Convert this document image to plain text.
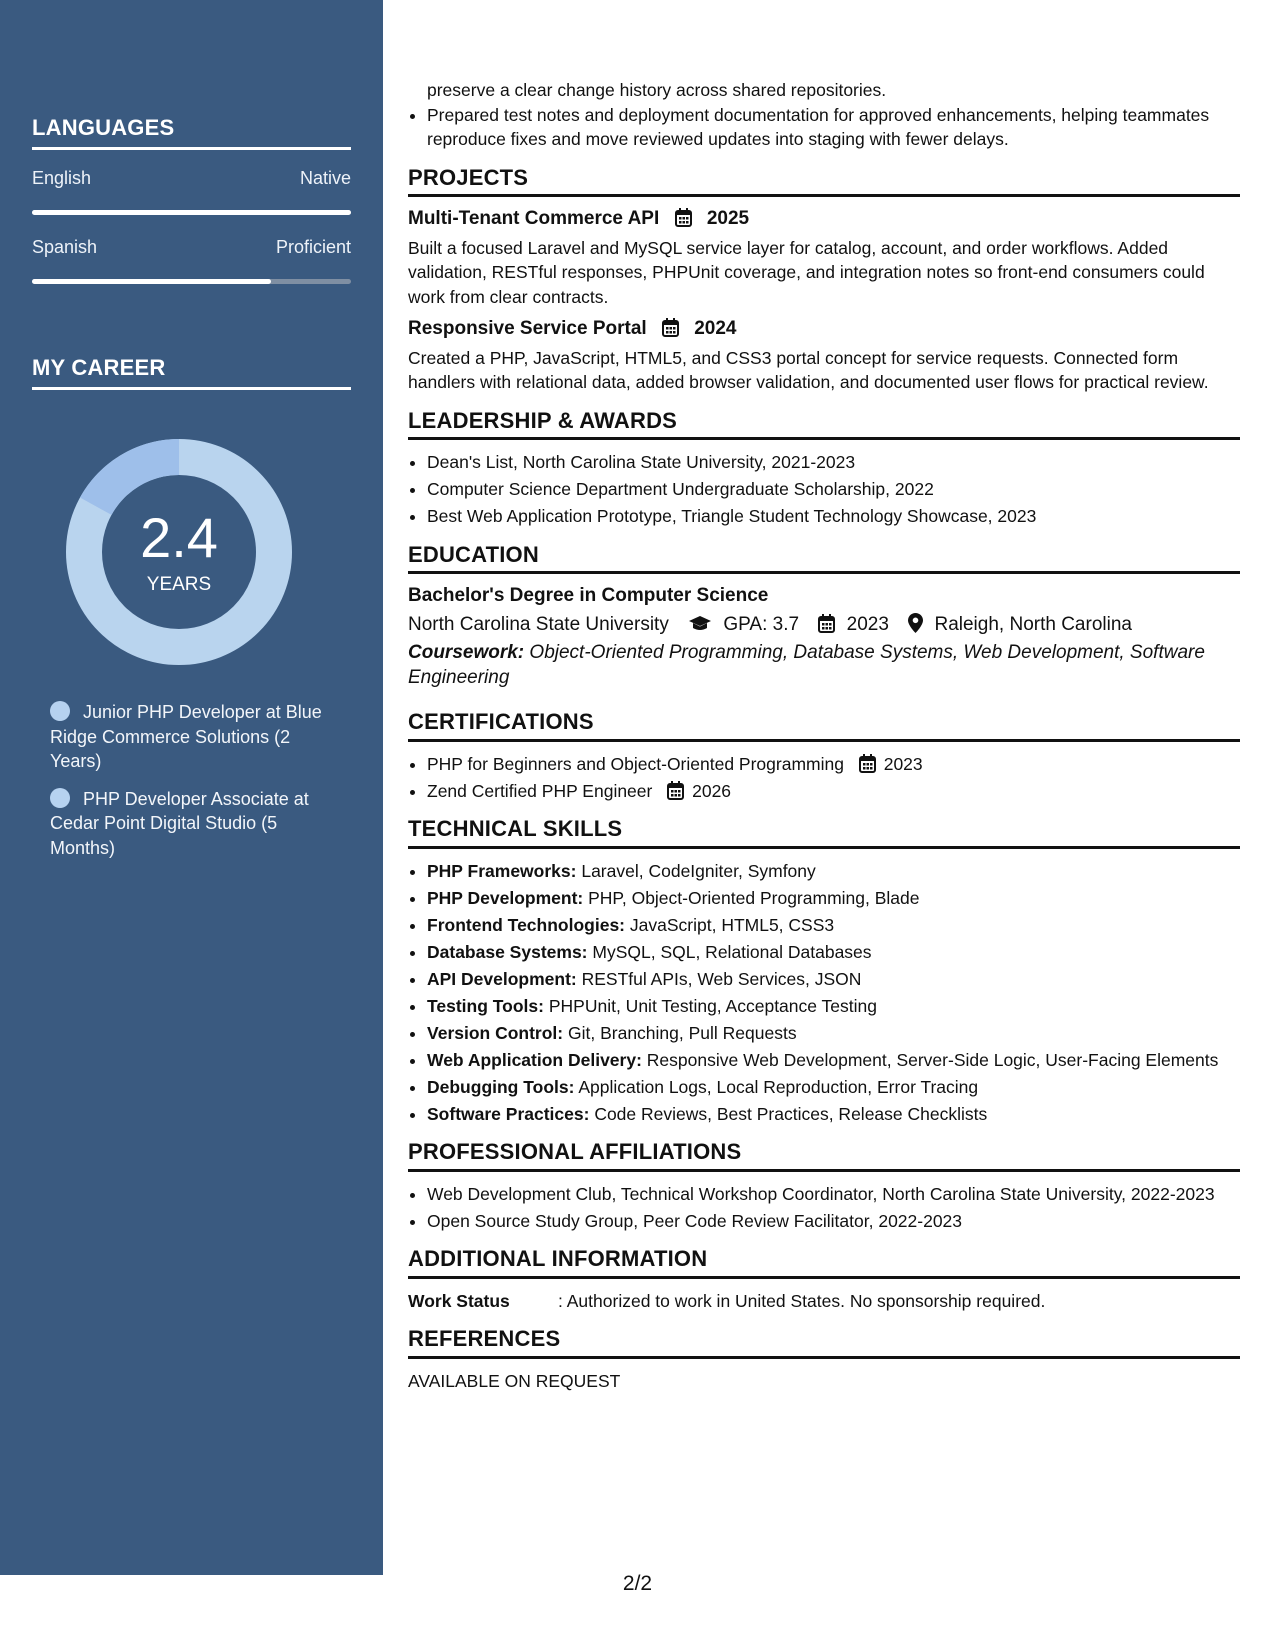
LANGUAGES
English	Native
Spanish	Proficient
MY CAREER
2.4
YEARS
Junior PHP Developer at Blue Ridge Commerce Solutions (2 Years)
PHP Developer Associate at Cedar Point Digital Studio (5 Months)
preserve a clear change history across shared repositories.
• Prepared test notes and deployment documentation for approved enhancements, helping teammates reproduce fixes and move reviewed updates into staging with fewer delays.
PROJECTS
Multi-Tenant Commerce API	2025
Built a focused Laravel and MySQL service layer for catalog, account, and order workflows. Added validation, RESTful responses, PHPUnit coverage, and integration notes so front-end consumers could work from clear contracts.
Responsive Service Portal	2024
Created a PHP, JavaScript, HTML5, and CSS3 portal concept for service requests. Connected form handlers with relational data, added browser validation, and documented user flows for practical review.
LEADERSHIP & AWARDS
• Dean's List, North Carolina State University, 2021-2023
• Computer Science Department Undergraduate Scholarship, 2022
• Best Web Application Prototype, Triangle Student Technology Showcase, 2023
EDUCATION
Bachelor's Degree in Computer Science
North Carolina State University	GPA: 3.7	2023 Raleigh, North Carolina
Coursework: Object-Oriented Programming, Database Systems, Web Development, Software Engineering
CERTIFICATIONS
• PHP for Beginners and Object-Oriented Programming 2023
• Zend Certified PHP Engineer 2026
TECHNICAL SKILLS
• PHP Frameworks: Laravel, CodeIgniter, Symfony
• PHP Development: PHP, Object-Oriented Programming, Blade
• Frontend Technologies: JavaScript, HTML5, CSS3
• Database Systems: MySQL, SQL, Relational Databases
• API Development: RESTful APIs, Web Services, JSON
• Testing Tools: PHPUnit, Unit Testing, Acceptance Testing
• Version Control: Git, Branching, Pull Requests
• Web Application Delivery: Responsive Web Development, Server-Side Logic, User-Facing Elements
• Debugging Tools: Application Logs, Local Reproduction, Error Tracing
• Software Practices: Code Reviews, Best Practices, Release Checklists
PROFESSIONAL AFFILIATIONS
• Web Development Club, Technical Workshop Coordinator, North Carolina State University, 2022-2023
• Open Source Study Group, Peer Code Review Facilitator, 2022-2023
ADDITIONAL INFORMATION
Work Status	: Authorized to work in United States. No sponsorship required.
REFERENCES
AVAILABLE ON REQUEST
2/2
